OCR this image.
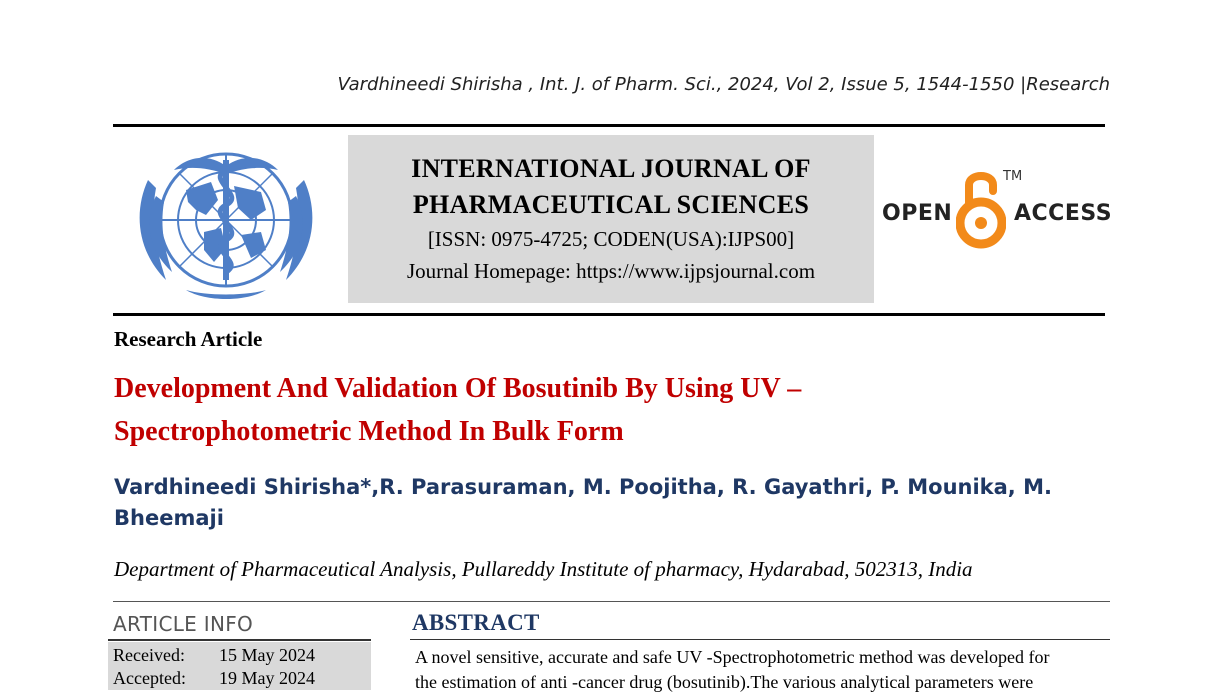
Vardhineedi Shirisha , Int. J. of Pharm. Sci., 2024, Vol 2, Issue 5, 1544-1550 |Research
INTERNATIONAL JOURNAL OF
PHARMACEUTICAL SCIENCES
[ISSN: 0975-4725; CODEN(USA):IJPS00]
Journal Homepage: https://www.ijpsjournal.com
OPEN
TM
ACCESS
Research Article
Development And Validation Of Bosutinib By Using UV –
Spectrophotometric Method In Bulk Form
Vardhineedi Shirisha*,R. Parasuraman, M. Poojitha, R. Gayathri, P. Mounika, M.
Bheemaji
Department of Pharmaceutical Analysis, Pullareddy Institute of pharmacy, Hydarabad, 502313, India
ARTICLE INFO
Received:	15 May 2024
Accepted:	19 May 2024
ABSTRACT
A novel sensitive, accurate and safe UV -Spectrophotometric method was developed for
the estimation of anti -cancer drug (bosutinib).The various analytical parameters were
